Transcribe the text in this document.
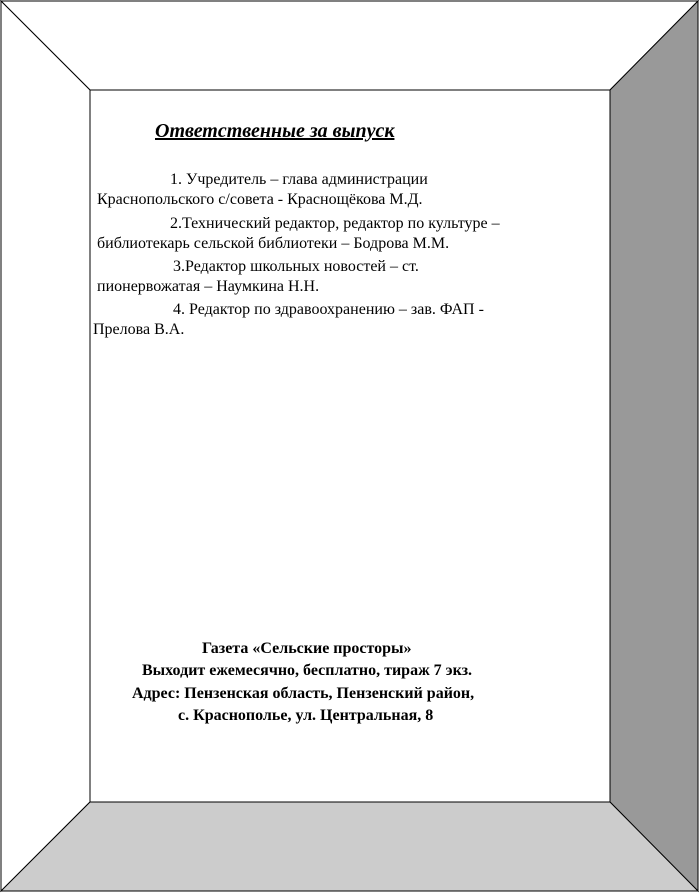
Ответственные за выпуск

1. Учредитель – глава администрации

Краснопольского с/совета - Краснощёкова М.Д.

2.Технический редактор, редактор по культуре –

библиотекарь сельской библиотеки – Бодрова М.М.

3.Редактор школьных новостей – ст.

пионервожатая – Наумкина Н.Н.

4. Редактор по здравоохранению – зав. ФАП -

Прелова В.А.

Газета «Сельские просторы»

Выходит ежемесячно, бесплатно, тираж 7 экз.

Адрес: Пензенская область, Пензенский район,

с. Краснополье, ул. Центральная, 8
